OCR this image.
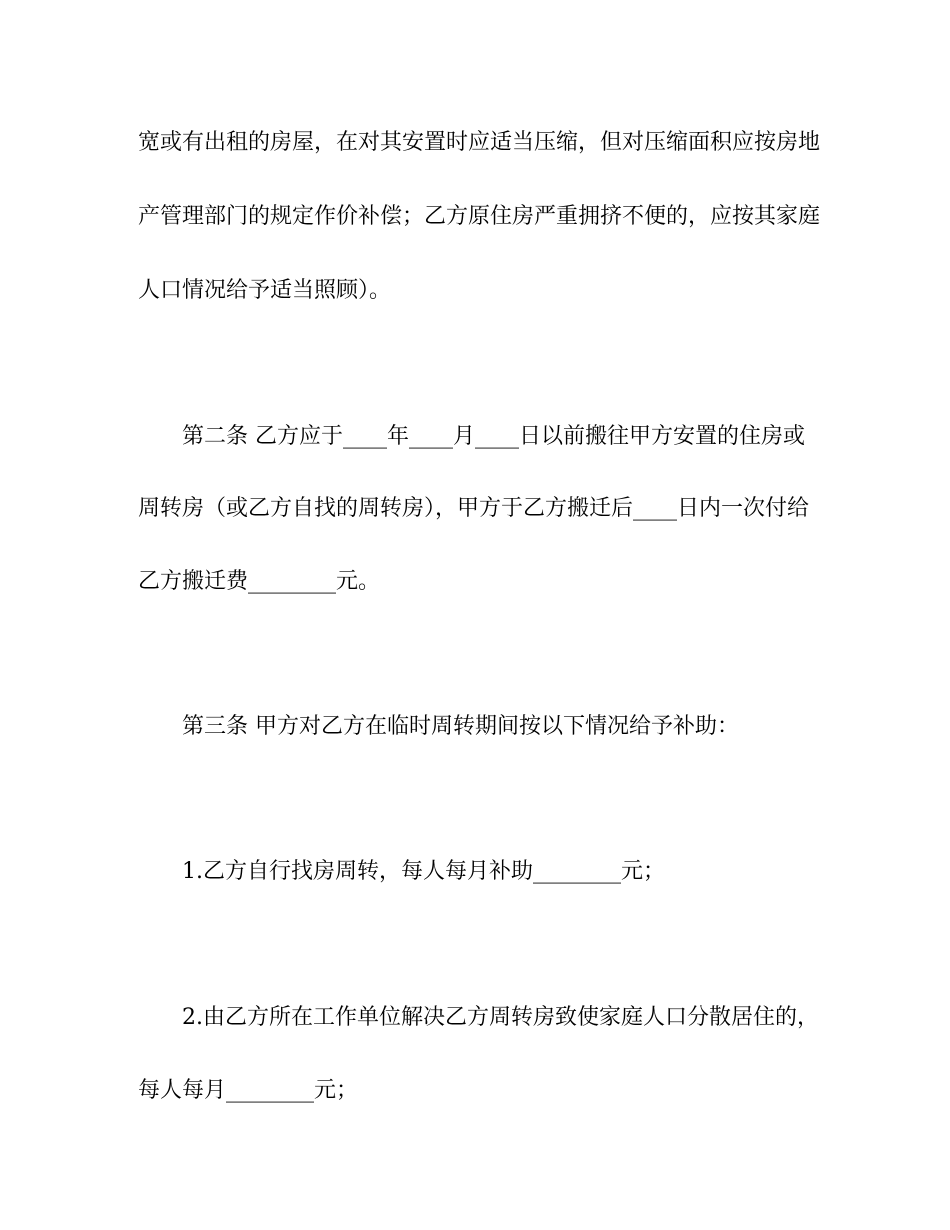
宽或有出租的房屋，在对其安置时应适当压缩，但对压缩面积应按房地
产管理部门的规定作价补偿；乙方原住房严重拥挤不便的，应按其家庭
人口情况给予适当照顾）。
第二条 乙方应于____年____月____日以前搬往甲方安置的住房或
周转房（或乙方自找的周转房），甲方于乙方搬迁后____日内一次付给
乙方搬迁费________元。
第三条 甲方对乙方在临时周转期间按以下情况给予补助：
1.乙方自行找房周转，每人每月补助________元；
2.由乙方所在工作单位解决乙方周转房致使家庭人口分散居住的，
每人每月________元；
